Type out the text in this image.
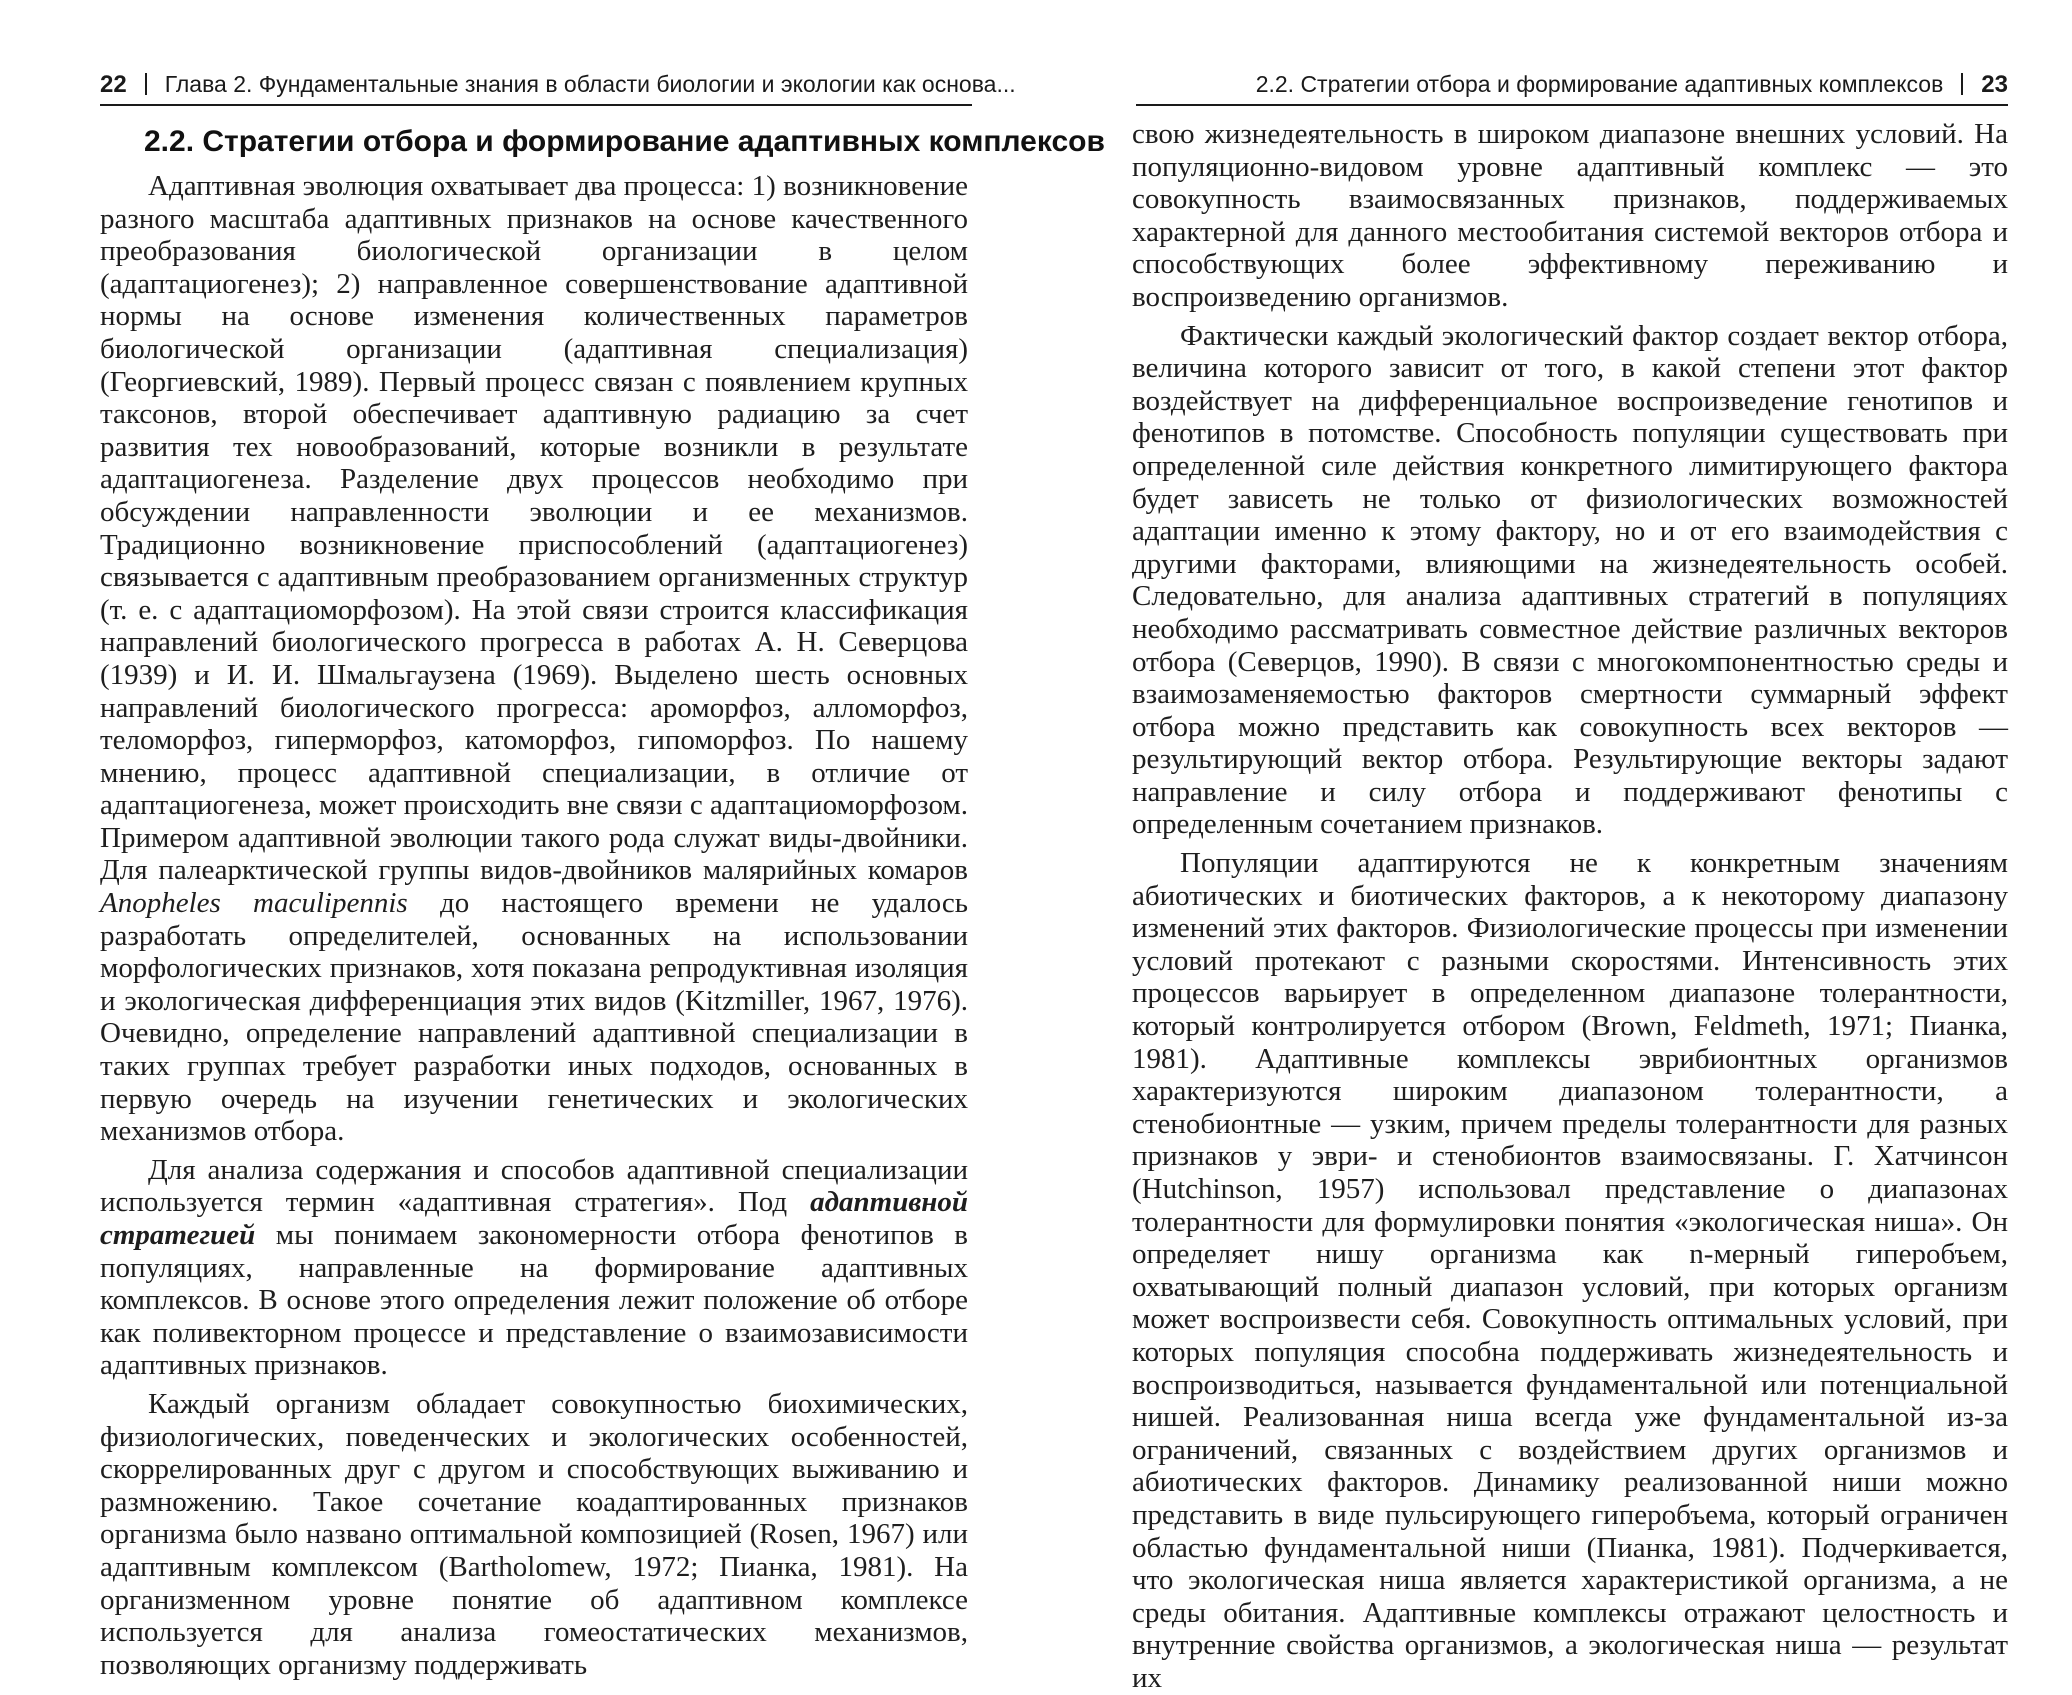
22 Глава 2. Фундаментальные знания в области биологии и экологии как основа...
2.2. Стратегии отбора и формирование адаптивных комплексов

Адаптивная эволюция охватывает два процесса: 1) возникновение разного масштаба адаптивных признаков на основе качественного преобразования биологической организации в целом (адаптациогенез); 2) направленное совершенствование адаптивной нормы на основе изменения количественных параметров биологической организации (адаптивная специализация) (Георгиевский, 1989). Первый процесс связан с появлением крупных таксонов, второй обеспечивает адаптивную радиацию за счет развития тех новообразований, которые возникли в результате адаптациогенеза. Разделение двух процессов необходимо при обсуждении направленности эволюции и ее механизмов. Традиционно возникновение приспособлений (адаптациогенез) связывается с адаптивным преобразованием организменных структур (т. е. с адаптациоморфозом). На этой связи строится классификация направлений биологического прогресса в работах А. Н. Северцова (1939) и И. И. Шмальгаузена (1969). Выделено шесть основных направлений биологического прогресса: ароморфоз, алломорфоз, теломорфоз, гиперморфоз, катоморфоз, гипоморфоз. По нашему мнению, процесс адаптивной специализации, в отличие от адаптациогенеза, может происходить вне связи с адаптациоморфозом. Примером адаптивной эволюции такого рода служат виды-двойники. Для палеарктической группы видов-двойников малярийных комаров Anopheles maculipennis до настоящего времени не удалось разработать определителей, основанных на использовании морфологических признаков, хотя показана репродуктивная изоляция и экологическая дифференциация этих видов (Kitzmiller, 1967, 1976). Очевидно, определение направлений адаптивной специализации в таких группах требует разработки иных подходов, основанных в первую очередь на изучении генетических и экологических механизмов отбора.

Для анализа содержания и способов адаптивной специализации используется термин «адаптивная стратегия». Под адаптивной стратегией мы понимаем закономерности отбора фенотипов в популяциях, направленные на формирование адаптивных комплексов. В основе этого определения лежит положение об отборе как поливекторном процессе и представление о взаимозависимости адаптивных признаков.

Каждый организм обладает совокупностью биохимических, физиологических, поведенческих и экологических особенностей, скоррелированных друг с другом и способствующих выживанию и размножению. Такое сочетание коадаптированных признаков организма было названо оптимальной композицией (Rosen, 1967) или адаптивным комплексом (Bartholomew, 1972; Пианка, 1981). На организменном уровне понятие об адаптивном комплексе используется для анализа гомеостатических механизмов, позволяющих организму поддерживать

2.2. Стратегии отбора и формирование адаптивных комплексов 23

свою жизнедеятельность в широком диапазоне внешних условий. На популяционно-видовом уровне адаптивный комплекс — это совокупность взаимосвязанных признаков, поддерживаемых характерной для данного местообитания системой векторов отбора и способствующих более эффективному переживанию и воспроизведению организмов.

Фактически каждый экологический фактор создает вектор отбора, величина которого зависит от того, в какой степени этот фактор воздействует на дифференциальное воспроизведение генотипов и фенотипов в потомстве. Способность популяции существовать при определенной силе действия конкретного лимитирующего фактора будет зависеть не только от физиологических возможностей адаптации именно к этому фактору, но и от его взаимодействия с другими факторами, влияющими на жизнедеятельность особей. Следовательно, для анализа адаптивных стратегий в популяциях необходимо рассматривать совместное действие различных векторов отбора (Северцов, 1990). В связи с многокомпонентностью среды и взаимозаменяемостью факторов смертности суммарный эффект отбора можно представить как совокупность всех векторов — результирующий вектор отбора. Результирующие векторы задают направление и силу отбора и поддерживают фенотипы с определенным сочетанием признаков.

Популяции адаптируются не к конкретным значениям абиотических и биотических факторов, а к некоторому диапазону изменений этих факторов. Физиологические процессы при изменении условий протекают с разными скоростями. Интенсивность этих процессов варьирует в определенном диапазоне толерантности, который контролируется отбором (Brown, Feldmeth, 1971; Пианка, 1981). Адаптивные комплексы эврибионтных организмов характеризуются широким диапазоном толерантности, а стенобионтные — узким, причем пределы толерантности для разных признаков у эври- и стенобионтов взаимосвязаны. Г. Хатчинсон (Hutchinson, 1957) использовал представление о диапазонах толерантности для формулировки понятия «экологическая ниша». Он определяет нишу организма как n-мерный гиперобъем, охватывающий полный диапазон условий, при которых организм может воспроизвести себя. Совокупность оптимальных условий, при которых популяция способна поддерживать жизнедеятельность и воспроизводиться, называется фундаментальной или потенциальной нишей. Реализованная ниша всегда уже фундаментальной из-за ограничений, связанных с воздействием других организмов и абиотических факторов. Динамику реализованной ниши можно представить в виде пульсирующего гиперобъема, который ограничен областью фундаментальной ниши (Пианка, 1981). Подчеркивается, что экологическая ниша является характеристикой организма, а не среды обитания. Адаптивные комплексы отражают целостность и внутренние свойства организмов, а экологическая ниша — результат их
